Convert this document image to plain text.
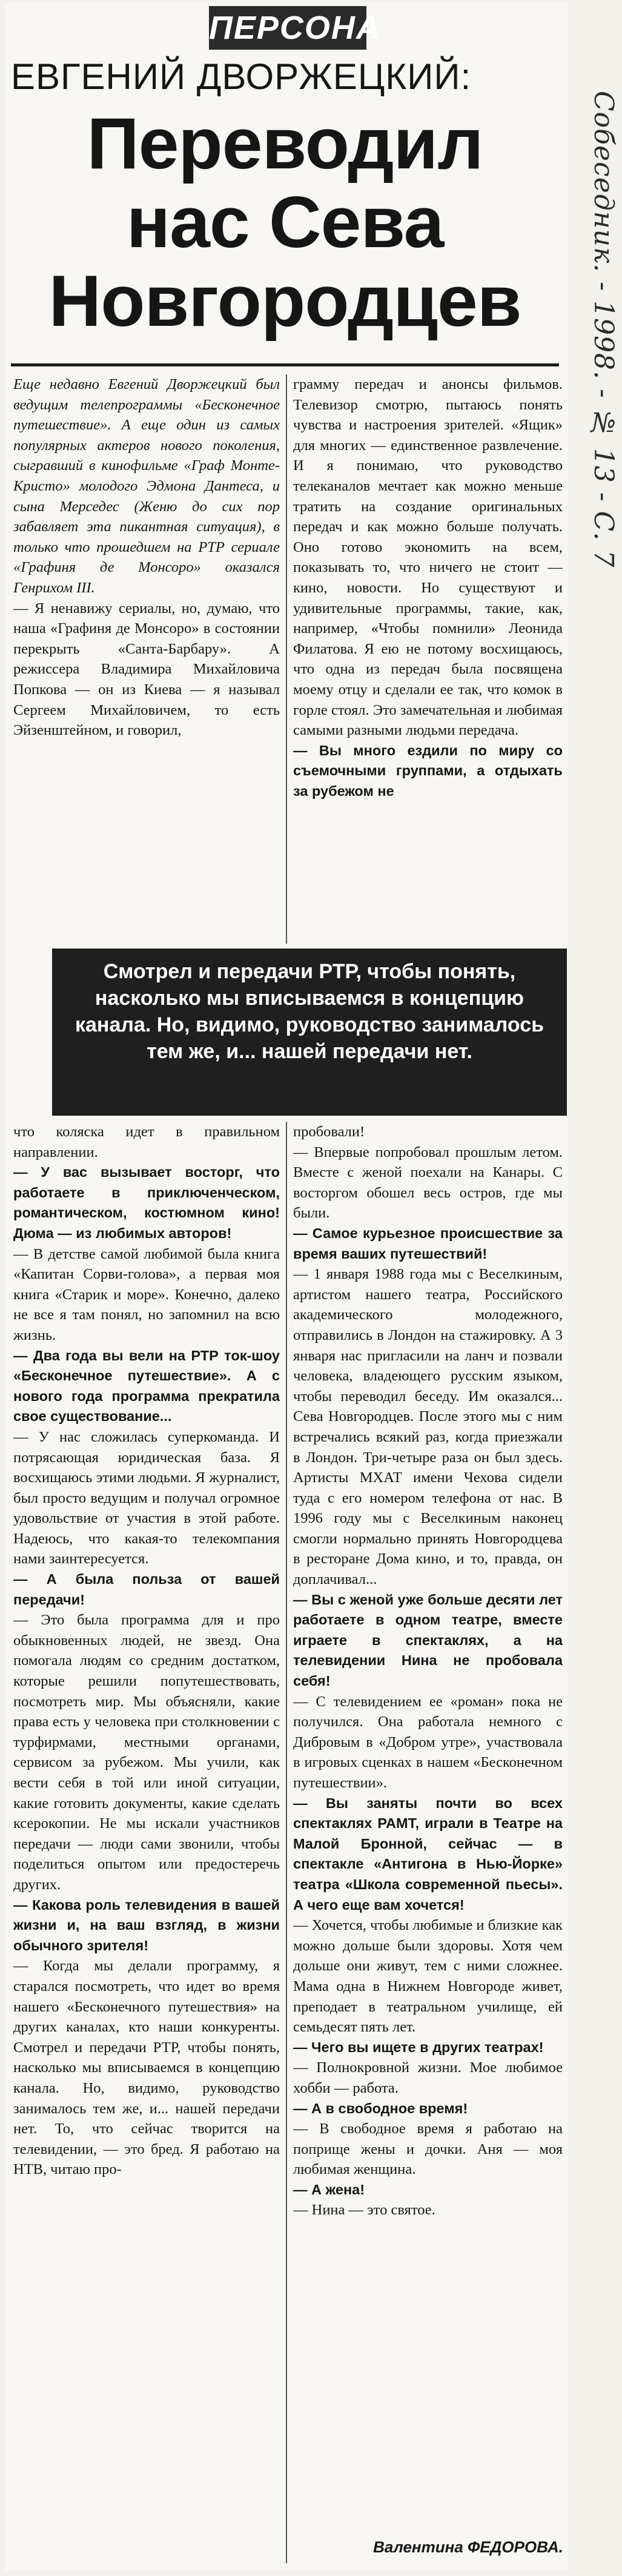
ПЕРСОНА
ЕВГЕНИЙ ДВОРЖЕЦКИЙ:
Переводил
нас Сева
Новгородцев	Собеседник. - 1998. - № 13 - С. 7

Еще недавно Евгений Дворжецкий был ведущим телепрограммы «Бесконечное путешествие». А еще один из самых популярных актеров нового поколения, сыгравший в кинофильме «Граф Монте-Кристо» молодого Эдмона Дантеса, и сына Мерседес (Женю до сих пор забавляет эта пикантная ситуация), в только что прошедшем на РТР сериале «Графиня де Монсоро» оказался Генрихом III.

— Я ненавижу сериалы, но, думаю, что наша «Графиня де Монсоро» в состоянии перекрыть «Санта-Барбару». А режиссера Владимира Михайловича Попкова — он из Киева — я называл Сергеем Михайловичем, то есть Эйзенштейном, и говорил,

грамму передач и анонсы фильмов. Телевизор смотрю, пытаюсь понять чувства и настроения зрителей. «Ящик» для многих — единственное развлечение. И я понимаю, что руководство телеканалов мечтает как можно меньше тратить на создание оригинальных передач и как можно больше получать. Оно готово экономить на всем, показывать то, что ничего не стоит — кино, новости. Но существуют и удивительные программы, такие, как, например, «Чтобы помнили» Леонида Филатова. Я ею не потому восхищаюсь, что одна из передач была посвящена моему отцу и сделали ее так, что комок в горле стоял. Это замечательная и любимая самыми разными людьми передача.

— Вы много ездили по миру со съемочными группами, а отдыхать за рубежом не

Смотрел и передачи РТР, чтобы понять, насколько мы вписываемся в концепцию канала. Но, видимо, руководство занималось тем же, и... нашей передачи нет.

что коляска идет в правильном направлении.

— У вас вызывает восторг, что работаете в приключенческом, романтическом, костюмном кино! Дюма — из любимых авторов!

— В детстве самой любимой была книга «Капитан Сорви-голова», а первая моя книга «Старик и море». Конечно, далеко не все я там понял, но запомнил на всю жизнь.

— Два года вы вели на РТР ток-шоу «Бесконечное путешествие». А с нового года программа прекратила свое существование...

— У нас сложилась суперкоманда. И потрясающая юридическая база. Я восхищаюсь этими людьми. Я журналист, был просто ведущим и получал огромное удовольствие от участия в этой работе. Надеюсь, что какая-то телекомпания нами заинтересуется.

— А была польза от вашей передачи!

— Это была программа для и про обыкновенных людей, не звезд. Она помогала людям со средним достатком, которые решили попутешествовать, посмотреть мир. Мы объясняли, какие права есть у человека при столкновении с турфирмами, местными органами, сервисом за рубежом. Мы учили, как вести себя в той или иной ситуации, какие готовить документы, какие сделать ксерокопии. Не мы искали участников передачи — люди сами звонили, чтобы поделиться опытом или предостеречь других.

— Какова роль телевидения в вашей жизни и, на ваш взгляд, в жизни обычного зрителя!

— Когда мы делали программу, я старался посмотреть, что идет во время нашего «Бесконечного путешествия» на других каналах, кто наши конкуренты. Смотрел и передачи РТР, чтобы понять, насколько мы вписываемся в концепцию канала. Но, видимо, руководство занималось тем же, и... нашей передачи нет. То, что сейчас творится на телевидении, — это бред. Я работаю на НТВ, читаю про-

пробовали!

— Впервые попробовал прошлым летом. Вместе с женой поехали на Канары. С восторгом обошел весь остров, где мы были.

— Самое курьезное происшествие за время ваших путешествий!

— 1 января 1988 года мы с Веселкиным, артистом нашего театра, Российского академического молодежного, отправились в Лондон на стажировку. А 3 января нас пригласили на ланч и позвали человека, владеющего русским языком, чтобы переводил беседу. Им оказался... Сева Новгородцев. После этого мы с ним встречались всякий раз, когда приезжали в Лондон. Три-четыре раза он был здесь. Артисты МХАТ имени Чехова сидели туда с его номером телефона от нас. В 1996 году мы с Веселкиным наконец смогли нормально принять Новгородцева в ресторане Дома кино, и то, правда, он доплачивал...

— Вы с женой уже больше десяти лет работаете в одном театре, вместе играете в спектаклях, а на телевидении Нина не пробовала себя!

— С телевидением ее «роман» пока не получился. Она работала немного с Дибровым в «Добром утре», участвовала в игровых сценках в нашем «Бесконечном путешествии».

— Вы заняты почти во всех спектаклях РАМТ, играли в Театре на Малой Бронной, сейчас — в спектакле «Антигона в Нью-Йорке» театра «Школа современной пьесы». А чего еще вам хочется!

— Хочется, чтобы любимые и близкие как можно дольше были здоровы. Хотя чем дольше они живут, тем с ними сложнее. Мама одна в Нижнем Новгороде живет, преподает в театральном училище, ей семьдесят пять лет.

— Чего вы ищете в других театрах!

— Полнокровной жизни. Мое любимое хобби — работа.

— А в свободное время!

— В свободное время я работаю на поприще жены и дочки. Аня — моя любимая женщина.

— А жена!

— Нина — это святое.

Валентина ФЕДОРОВА.
